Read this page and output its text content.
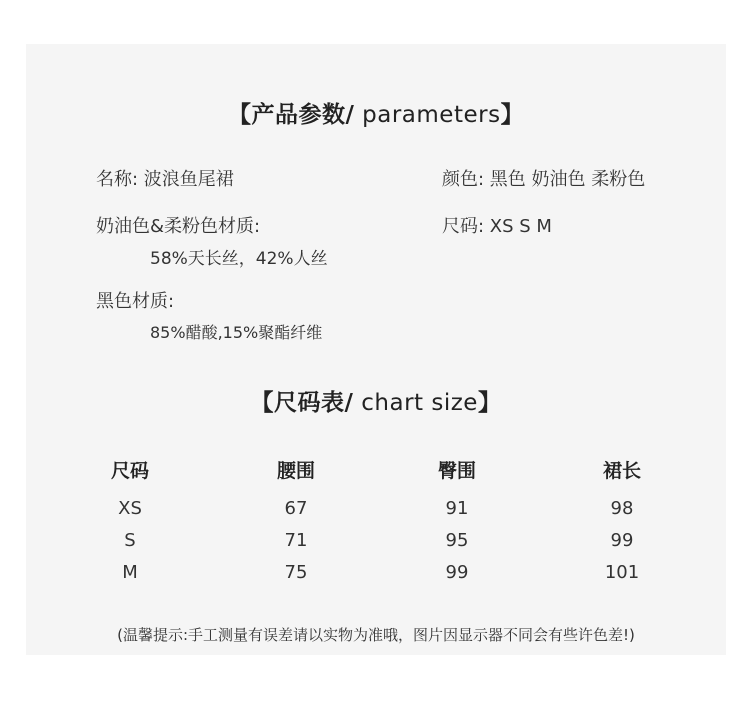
【产品参数/ parameters】
名称: 波浪鱼尾裙	颜色: 黑色 奶油色 柔粉色
奶油色&柔粉色材质:	尺码: XS S M
58%天长丝，42%人丝
黑色材质:
85%醋酸,15%聚酯纤维
【尺码表/ chart size】
尺码	腰围	臀围	裙长
XS	67	91	98
S	71	95	99
M	75	99	101
(温馨提示:手工测量有误差请以实物为准哦，图片因显示器不同会有些许色差!)
